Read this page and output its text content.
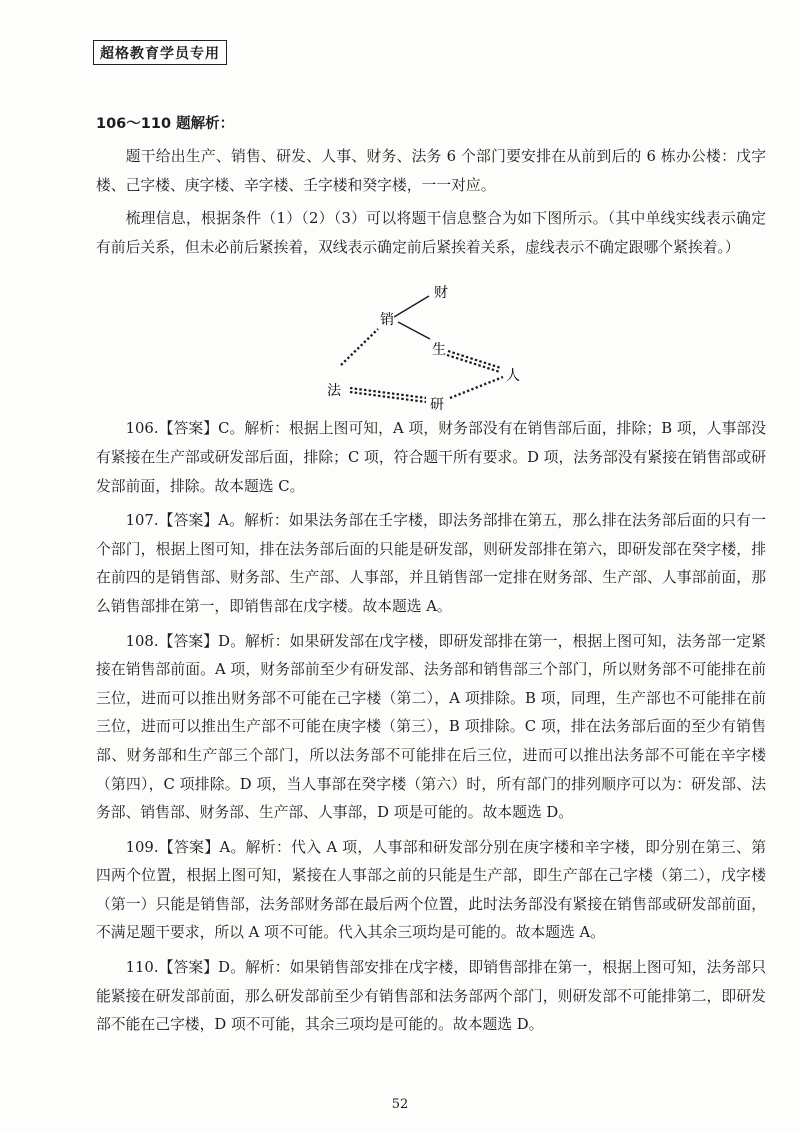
超格教育学员专用
106～110 题解析：

题干给出生产、销售、研发、人事、财务、法务 6 个部门要安排在从前到后的 6 栋办公楼：戊字楼、己字楼、庚字楼、辛字楼、壬字楼和癸字楼，一一对应。

梳理信息，根据条件（1）（2）（3）可以将题干信息整合为如下图所示。（其中单线实线表示确定有前后关系，但未必前后紧挨着，双线表示确定前后紧挨着关系，虚线表示不确定跟哪个紧挨着。）

财
销
生
人
法
研

106.【答案】C。解析：根据上图可知，A 项，财务部没有在销售部后面，排除；B 项，人事部没有紧接在生产部或研发部后面，排除；C 项，符合题干所有要求。D 项，法务部没有紧接在销售部或研发部前面，排除。故本题选 C。

107.【答案】A。解析：如果法务部在壬字楼，即法务部排在第五，那么排在法务部后面的只有一个部门，根据上图可知，排在法务部后面的只能是研发部，则研发部排在第六，即研发部在癸字楼，排在前四的是销售部、财务部、生产部、人事部，并且销售部一定排在财务部、生产部、人事部前面，那么销售部排在第一，即销售部在戊字楼。故本题选 A。

108.【答案】D。解析：如果研发部在戊字楼，即研发部排在第一，根据上图可知，法务部一定紧接在销售部前面。A 项，财务部前至少有研发部、法务部和销售部三个部门，所以财务部不可能排在前三位，进而可以推出财务部不可能在己字楼（第二），A 项排除。B 项，同理，生产部也不可能排在前三位，进而可以推出生产部不可能在庚字楼（第三），B 项排除。C 项，排在法务部后面的至少有销售部、财务部和生产部三个部门，所以法务部不可能排在后三位，进而可以推出法务部不可能在辛字楼（第四），C 项排除。D 项，当人事部在癸字楼（第六）时，所有部门的排列顺序可以为：研发部、法务部、销售部、财务部、生产部、人事部，D 项是可能的。故本题选 D。

109.【答案】A。解析：代入 A 项，人事部和研发部分别在庚字楼和辛字楼，即分别在第三、第四两个位置，根据上图可知，紧接在人事部之前的只能是生产部，即生产部在己字楼（第二），戊字楼（第一）只能是销售部，法务部财务部在最后两个位置，此时法务部没有紧接在销售部或研发部前面，不满足题干要求，所以 A 项不可能。代入其余三项均是可能的。故本题选 A。

110.【答案】D。解析：如果销售部安排在戊字楼，即销售部排在第一，根据上图可知，法务部只能紧接在研发部前面，那么研发部前至少有销售部和法务部两个部门，则研发部不可能排第二，即研发部不能在己字楼，D 项不可能，其余三项均是可能的。故本题选 D。

52
